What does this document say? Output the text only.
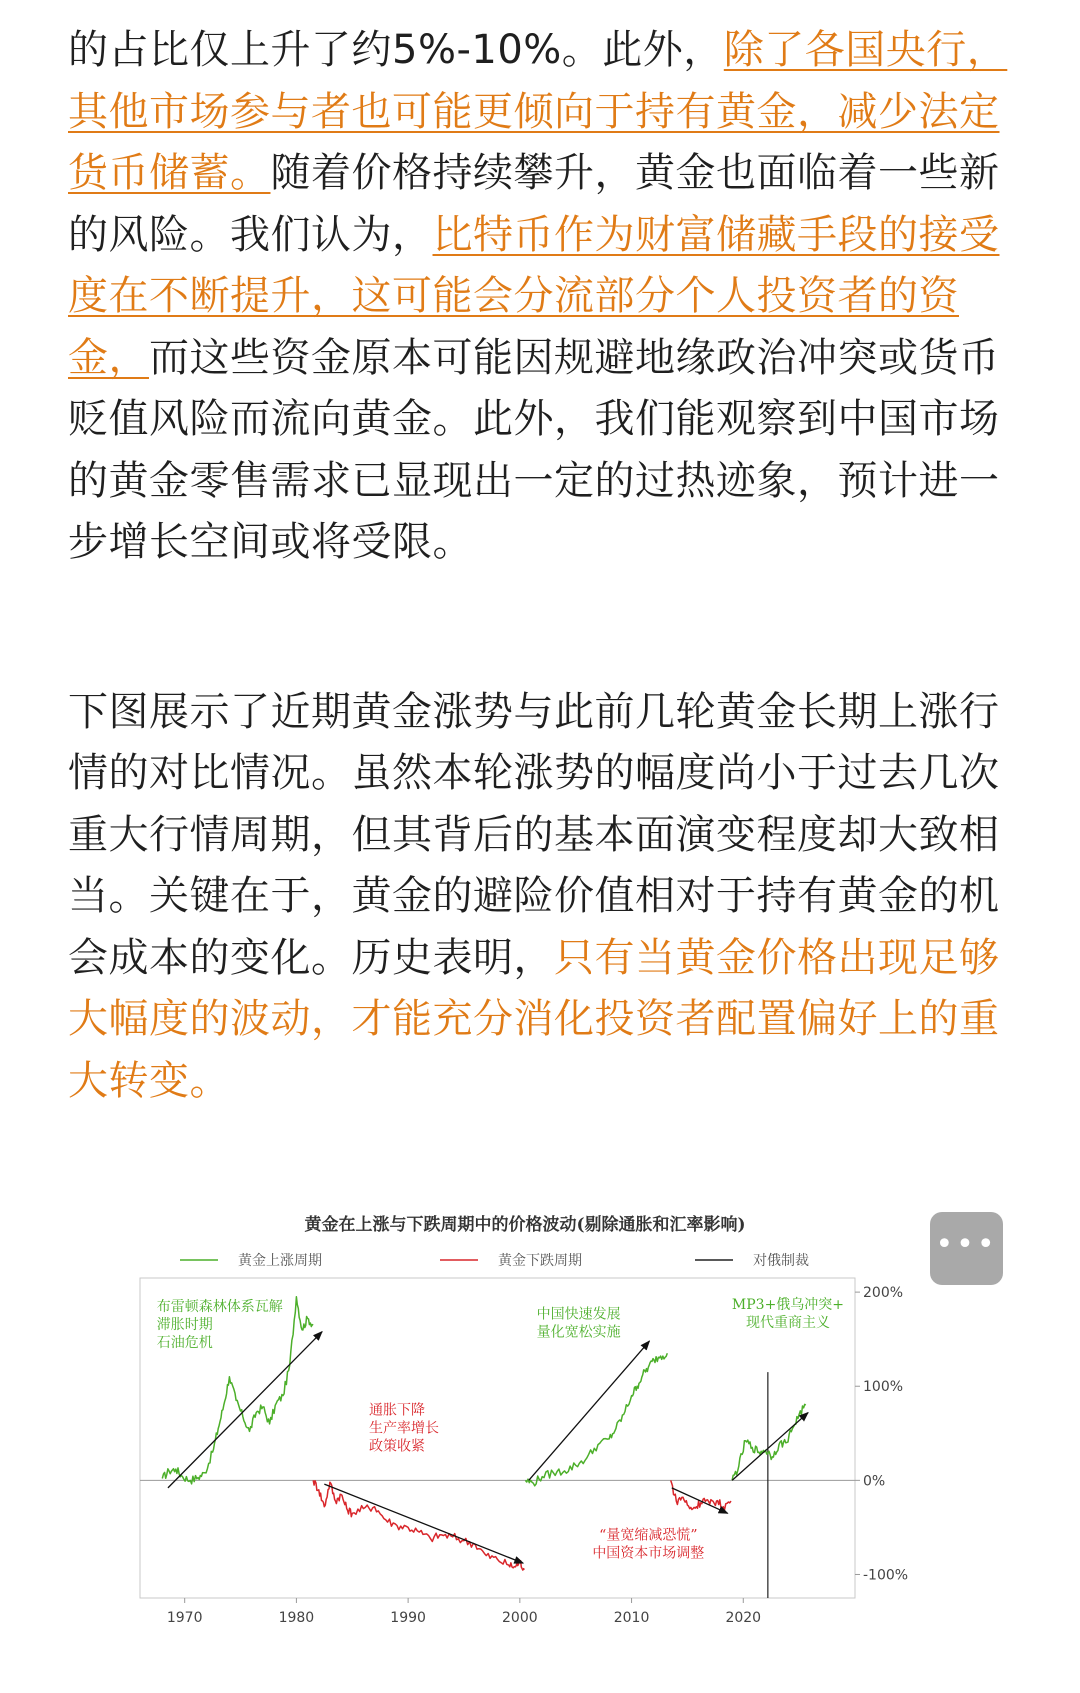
的占比仅上升了约5%-10%。此外，除了各国央行，其他市场参与者也可能更倾向于持有黄金，减少法定货币储蓄。随着价格持续攀升，黄金也面临着一些新的风险。我们认为，比特币作为财富储藏手段的接受度在不断提升，这可能会分流部分个人投资者的资金，而这些资金原本可能因规避地缘政治冲突或货币贬值风险而流向黄金。此外，我们能观察到中国市场的黄金零售需求已显现出一定的过热迹象，预计进一步增长空间或将受限。

下图展示了近期黄金涨势与此前几轮黄金长期上涨行情的对比情况。虽然本轮涨势的幅度尚小于过去几次重大行情周期，但其背后的基本面演变程度却大致相当。关键在于，黄金的避险价值相对于持有黄金的机会成本的变化。历史表明，只有当黄金价格出现足够大幅度的波动，才能充分消化投资者配置偏好上的重大转变。

黄金在上涨与下跌周期中的价格波动(剔除通胀和汇率影响)
黄金上涨周期	黄金下跌周期	对俄制裁
200%
100%
0%
-100%
1970	1980	1990	2000	2010	2020
布雷顿森林体系瓦解
滞胀时期
石油危机
通胀下降
生产率增长
政策收紧
中国快速发展
量化宽松实施
“量宽缩减恐慌”
中国资本市场调整
MP3+俄乌冲突+
现代重商主义
•••
